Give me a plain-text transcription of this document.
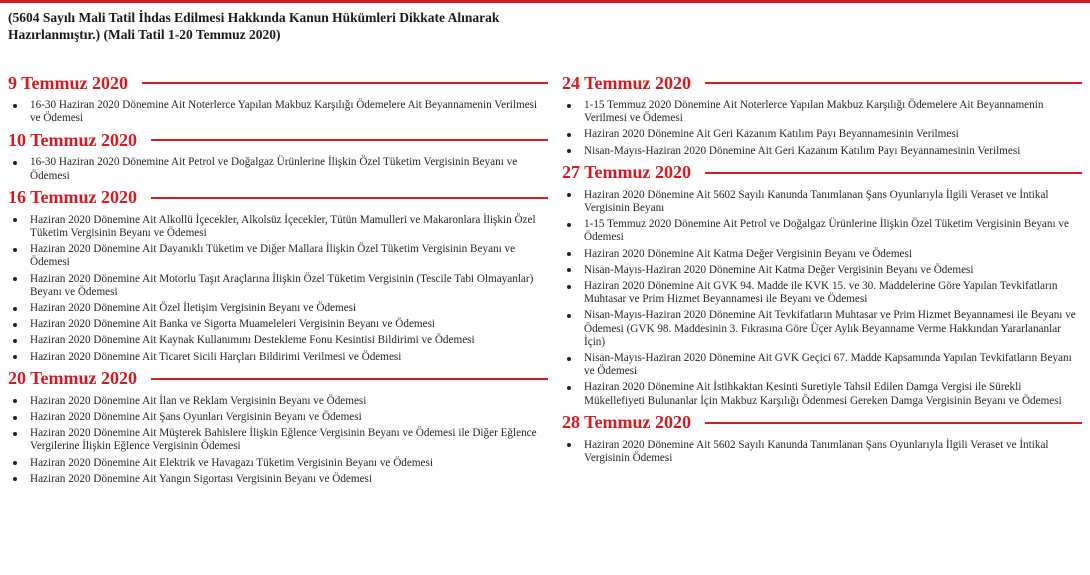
(5604 Sayılı Mali Tatil İhdas Edilmesi Hakkında Kanun Hükümleri Dikkate Alınarak Hazırlanmıştır.) (Mali Tatil 1-20 Temmuz 2020)
9 Temmuz 2020
16-30 Haziran 2020 Dönemine Ait Noterlerce Yapılan Makbuz Karşılığı Ödemelere Ait Beyannamenin Verilmesi ve Ödemesi
10 Temmuz 2020
16-30 Haziran 2020 Dönemine Ait Petrol ve Doğalgaz Ürünlerine İlişkin Özel Tüketim Vergisinin Beyanı ve Ödemesi
16 Temmuz 2020
Haziran 2020 Dönemine Ait Alkollü İçecekler, Alkolsüz İçecekler, Tütün Mamulleri ve Makaronlara İlişkin Özel Tüketim Vergisinin Beyanı ve Ödemesi
Haziran 2020 Dönemine Ait Dayanıklı Tüketim ve Diğer Mallara İlişkin Özel Tüketim Vergisinin Beyanı ve Ödemesi
Haziran 2020 Dönemine Ait Motorlu Taşıt Araçlarına İlişkin Özel Tüketim Vergisinin (Tescile Tabi Olmayanlar) Beyanı ve Ödemesi
Haziran 2020 Dönemine Ait Özel İletişim Vergisinin Beyanı ve Ödemesi
Haziran 2020 Dönemine Ait Banka ve Sigorta Muameleleri Vergisinin Beyanı ve Ödemesi
Haziran 2020 Dönemine Ait Kaynak Kullanımını Destekleme Fonu Kesintisi Bildirimi ve Ödemesi
Haziran 2020 Dönemine Ait Ticaret Sicili Harçları Bildirimi Verilmesi ve Ödemesi
20 Temmuz 2020
Haziran 2020 Dönemine Ait İlan ve Reklam Vergisinin Beyanı ve Ödemesi
Haziran 2020 Dönemine Ait Şans Oyunları Vergisinin Beyanı ve Ödemesi
Haziran 2020 Dönemine Ait Müşterek Bahislere İlişkin Eğlence Vergisinin Beyanı ve Ödemesi ile Diğer Eğlence Vergilerine İlişkin Eğlence Vergisinin Ödemesi
Haziran 2020 Dönemine Ait Elektrik ve Havagazı Tüketim Vergisinin Beyanı ve Ödemesi
Haziran 2020 Dönemine Ait Yangın Sigortası Vergisinin Beyanı ve Ödemesi
24 Temmuz 2020
1-15 Temmuz 2020 Dönemine Ait Noterlerce Yapılan Makbuz Karşılığı Ödemelere Ait Beyannamenin Verilmesi ve Ödemesi
Haziran 2020 Dönemine Ait Geri Kazanım Katılım Payı Beyannamesinin Verilmesi
Nisan-Mayıs-Haziran 2020 Dönemine Ait Geri Kazanım Katılım Payı Beyannamesinin Verilmesi
27 Temmuz 2020
Haziran 2020 Dönemine Ait 5602 Sayılı Kanunda Tanımlanan Şans Oyunlarıyla İlgili Veraset ve İntikal Vergisinin Beyanı
1-15 Temmuz 2020 Dönemine Ait Petrol ve Doğalgaz Ürünlerine İlişkin Özel Tüketim Vergisinin Beyanı ve Ödemesi
Haziran 2020 Dönemine Ait Katma Değer Vergisinin Beyanı ve Ödemesi
Nisan-Mayıs-Haziran 2020 Dönemine Ait Katma Değer Vergisinin Beyanı ve Ödemesi
Haziran 2020 Dönemine Ait GVK 94. Madde ile KVK 15. ve 30. Maddelerine Göre Yapılan Tevkifatların Muhtasar ve Prim Hizmet Beyannamesi ile Beyanı ve Ödemesi
Nisan-Mayıs-Haziran 2020 Dönemine Ait Tevkifatların Muhtasar ve Prim Hizmet Beyannamesi ile Beyanı ve Ödemesi (GVK 98. Maddesinin 3. Fıkrasına Göre Üçer Aylık Beyanname Verme Hakkından Yararlananlar İçin)
Nisan-Mayıs-Haziran 2020 Dönemine Ait GVK Geçici 67. Madde Kapsamında Yapılan Tevkifatların Beyanı ve Ödemesi
Haziran 2020 Dönemine Ait İstihkaktan Kesinti Suretiyle Tahsil Edilen Damga Vergisi ile Sürekli Mükellefiyeti Bulunanlar İçin Makbuz Karşılığı Ödenmesi Gereken Damga Vergisinin Beyanı ve Ödemesi
28 Temmuz 2020
Haziran 2020 Dönemine Ait 5602 Sayılı Kanunda Tanımlanan Şans Oyunlarıyla İlgili Veraset ve İntikal Vergisinin Ödemesi
